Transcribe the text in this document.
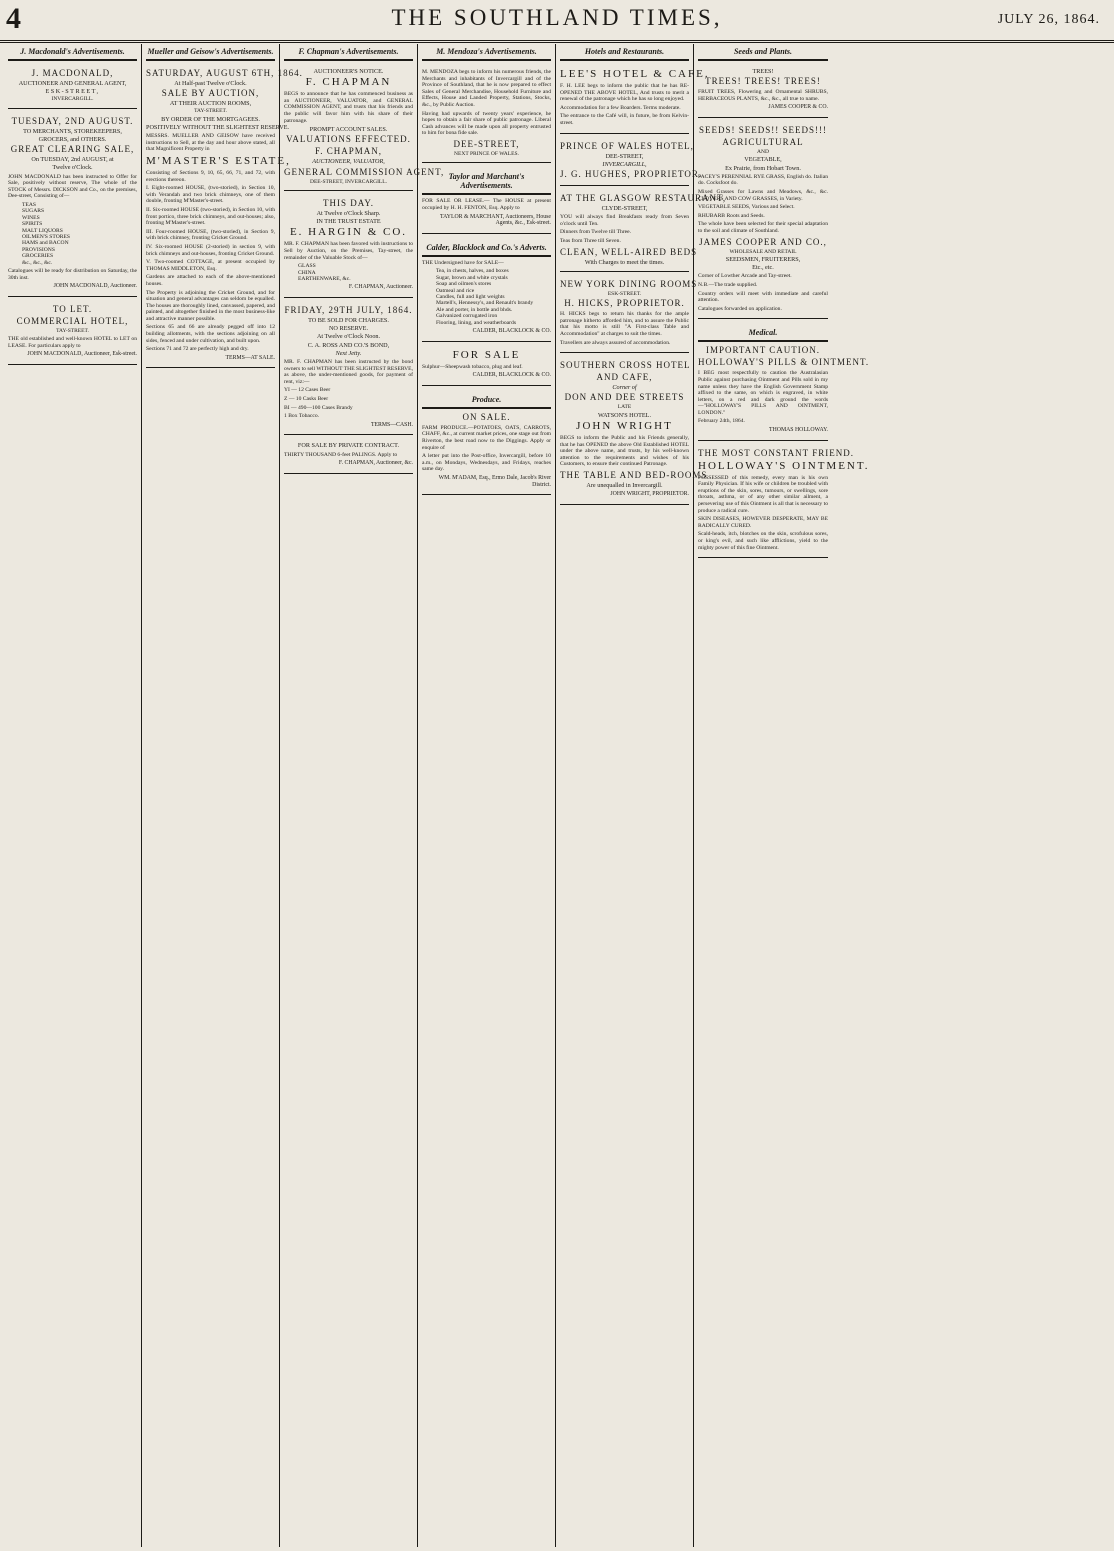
4	THE SOUTHLAND TIMES,	JULY 26, 1864.
J. Macdonald's Advertisements.
J. MACDONALD,
AUCTIONEER AND GENERAL AGENT,
ESK-STREET,
INVERCARGILL.
TUESDAY, 2ND AUGUST.
TO MERCHANTS, STOREKEEPERS,
GROCERS, and OTHERS.
GREAT CLEARING SALE,
On TUESDAY, 2nd AUGUST, at
Twelve o'Clock.
JOHN MACDONALD has been instructed to Offer for Sale, positively without reserve, The whole of the STOCK of Messrs. DICKSON and Co., on the premises, Dee-street, Consisting of—
TEAS
SUGARS
WINES
SPIRITS
MALT LIQUORS
OILMEN'S STORES
HAMS and BACON
PROVISIONS
GROCERIES
&c., &c., &c.
Catalogues will be ready for distribution on Saturday, the 30th inst.
JOHN MACDONALD, Auctioneer.
TO LET.
COMMERCIAL HOTEL,
TAY-STREET.
THE old established and well-known HOTEL to LET on LEASE. For particulars apply to
JOHN MACDONALD, Auctioneer, Esk-street.
Mueller and Geisow's Advertisements.
SATURDAY, AUGUST 6TH, 1864.
At Half-past Twelve o'Clock.
SALE BY AUCTION,
AT THEIR AUCTION ROOMS,
TAY-STREET.
BY ORDER OF THE MORTGAGEES.
POSITIVELY WITHOUT THE SLIGHTEST RESERVE.
MESSRS. MUELLER AND GEISOW have received instructions to Sell, at the day and hour above stated, all that Magnificent Property in
M'MASTER'S ESTATE,
Consisting of Sections 9, 10, 65, 66, 71, and 72, with erections thereon.
I. Eight-roomed HOUSE, (two-storied), in Section 10, with Verandah and two brick chimneys, one of them double, fronting M'Master's-street.
II. Six-roomed HOUSE (two-storied), in Section 10, with front portico, three brick chimneys, and out-houses; also, fronting M'Master's-street.
III. Four-roomed HOUSE, (two-storied), in Section 9, with brick chimney, fronting Cricket Ground.
IV. Six-roomed HOUSE (2-storied) in section 9, with brick chimneys and out-houses, fronting Cricket Ground.
V. Two-roomed COTTAGE, at present occupied by THOMAS MIDDLETON, Esq.
Gardens are attached to each of the above-mentioned houses.
The Property is adjoining the Cricket Ground, and for situation and general advantages can seldom be equalled. The houses are thoroughly lined, canvassed, papered, and painted, and altogether finished in the most business-like and attractive manner possible.
Sections 65 and 66 are already pegged off into 12 building allotments, with the sections adjoining on all sides, fenced and under cultivation, and built upon.
Sections 71 and 72 are perfectly high and dry.
TERMS—AT SALE.
F. Chapman's Advertisements.
AUCTIONEER'S NOTICE.
F. CHAPMAN
BEGS to announce that he has commenced business as an AUCTIONEER, VALUATOR, and GENERAL COMMISSION AGENT, and trusts that his friends and the public will favor him with his share of their patronage.
PROMPT ACCOUNT SALES.
VALUATIONS EFFECTED.
F. CHAPMAN,
AUCTIONEER, VALUATOR,
GENERAL COMMISSION AGENT,
DEE-STREET, INVERCARGILL.
THIS DAY.
At Twelve o'Clock Sharp.
IN THE TRUST ESTATE
E. HARGIN & CO.
MR. F. CHAPMAN has been favored with instructions to Sell by Auction, on the Premises, Tay-street, the remainder of the Valuable Stock of—
GLASS
CHINA
EARTHENWARE, &c.
F. CHAPMAN, Auctioneer.
FRIDAY, 29TH JULY, 1864.
TO BE SOLD FOR CHARGES.
NO RESERVE.
At Twelve o'Clock Noon.
C. A. ROSS AND CO.'S BOND,
Next Jetty.
MR. F. CHAPMAN has been instructed by the bond owners to sell WITHOUT THE SLIGHTEST RESERVE, as above, the under-mentioned goods, for payment of rent, viz:—
YI — 12 Cases Beer
Z — 10 Casks Beer
BI — 490—100 Cases Brandy
1 Box Tobacco.
TERMS—CASH.
FOR SALE BY PRIVATE CONTRACT.
THIRTY THOUSAND 6-feet PALINGS. Apply to
F. CHAPMAN, Auctioneer, &c.
M. Mendoza's Advertisements.
M. MENDOZA begs to inform his numerous friends, the Merchants and inhabitants of Invercargill and of the Province of Southland, that he is now prepared to effect Sales of General Merchandise, Household Furniture and Effects, House and Landed Property, Stations, Stocks, &c., by Public Auction.
Having had upwards of twenty years' experience, he hopes to obtain a fair share of public patronage. Liberal Cash advances will be made upon all property entrusted to him for bona fide sale.
DEE-STREET,
NEXT PRINCE OF WALES.
Taylor and Marchant's Advertisements.
FOR SALE OR LEASE.— The HOUSE at present occupied by H. H. FENTON, Esq. Apply to
TAYLOR & MARCHANT, Auctioneers, House Agents, &c., Esk-street.
Calder, Blacklock and Co.'s Adverts.
THE Undersigned have for SALE—
Tea, in chests, halves, and boxes
Sugar, brown and white crystals
Soap and oilmen's stores
Oatmeal and rice
Candles, full and light weights
Martell's, Hennessy's, and Renault's brandy
Ale and porter, in bottle and bhds.
Galvanized corrugated iron
Flooring, lining, and weatherboards
CALDER, BLACKLOCK & CO.
FOR SALE
Sulphur—Sheepwash tobacco, plug and leaf.
CALDER, BLACKLOCK & CO.
Produce.
ON SALE.
FARM PRODUCE.—POTATOES, OATS, CARROTS, CHAFF, &c., at current market prices, one stage out from Riverton, the best road now to the Diggings. Apply or enquire of
A letter put into the Post-office, Invercargill, before 10 a.m., on Mondays, Wednesdays, and Fridays, reaches same day.
WM. M'ADAM, Esq., Ermo Dale, Jacob's River District.
Hotels and Restaurants.
LEE'S HOTEL & CAFE.
F. H. LEE begs to inform the public that he has RE-OPENED THE ABOVE HOTEL, And trusts to merit a renewal of the patronage which he has so long enjoyed.
Accommodation for a few Boarders. Terms moderate.
The entrance to the Café will, in future, be from Kelvin-street.
PRINCE OF WALES HOTEL,
DEE-STREET,
INVERCARGILL,
J. G. HUGHES, PROPRIETOR.
AT THE GLASGOW RESTAURANT,
CLYDE-STREET,
YOU will always find Breakfasts ready from Seven o'clock until Ten.
Dinners from Twelve till Three.
Teas from Three till Seven.
CLEAN, WELL-AIRED BEDS
With Charges to meet the times.
NEW YORK DINING ROOMS
ESK-STREET.
H. HICKS, PROPRIETOR.
H. HICKS begs to return his thanks for the ample patronage hitherto afforded him, and to assure the Public that his motto is still "A First-class Table and Accommodation" at charges to suit the times.
Travellers are always assured of accommodation.
SOUTHERN CROSS HOTEL
AND CAFE,
Corner of
DON AND DEE STREETS
LATE
WATSON'S HOTEL.
JOHN WRIGHT
BEGS to inform the Public and his Friends generally, that he has OPENED the above Old Established HOTEL under the above name, and trusts, by his well-known attention to the requirements and wishes of his Customers, to ensure their continued Patronage.
THE TABLE AND BED-ROOMS
Are unequalled in Invercargill.
JOHN WRIGHT, PROPRIETOR.
Seeds and Plants.
TREES!
TREES! TREES! TREES!
FRUIT TREES, Flowering and Ornamental SHRUBS, HERBACEOUS PLANTS, &c., &c., all true to name.
JAMES COOPER & CO.
SEEDS! SEEDS!! SEEDS!!!
AGRICULTURAL
AND
VEGETABLE,
Ex Prairie, from Hobart Town.
PACEY'S PERENNIAL RYE GRASS, English do. Italian do. Cocksfoot do.
Mixed Grasses for Lawns and Meadows, &c., &c. CLOVERS AND COW GRASSES, in Variety.
VEGETABLE SEEDS, Various and Select.
RHUBARB Roots and Seeds.
The whole have been selected for their special adaptation to the soil and climate of Southland.
JAMES COOPER AND CO.,
WHOLESALE AND RETAIL
SEEDSMEN, FRUITERERS,
Etc., etc.
Corner of Lowther Arcade and Tay-street.
N.B.—The trade supplied.
Country orders will meet with immediate and careful attention.
Catalogues forwarded on application.
Medical.
IMPORTANT CAUTION.
HOLLOWAY'S PILLS & OINTMENT.
I BEG most respectfully to caution the Australasian Public against purchasing Ointment and Pills sold in my name unless they have the English Government Stamp affixed to the same, on which is engraved, in white letters, on a red and dark ground the words—"HOLLOWAY'S PILLS AND OINTMENT, LONDON."
February 24th, 1864.
THOMAS HOLLOWAY.
THE MOST CONSTANT FRIEND.
HOLLOWAY'S OINTMENT.
POSSESSED of this remedy, every man is his own Family Physician. If his wife or children be troubled with eruptions of the skin, sores, tumours, or swellings, sore throats, asthma, or of any other similar ailment, a persevering use of this Ointment is all that is necessary to produce a radical cure.
SKIN DISEASES, HOWEVER DESPERATE, MAY BE RADICALLY CURED.
Scald-heads, itch, blotches on the skin, scrofulous sores, or king's evil, and such like afflictions, yield to the mighty power of this fine Ointment.
